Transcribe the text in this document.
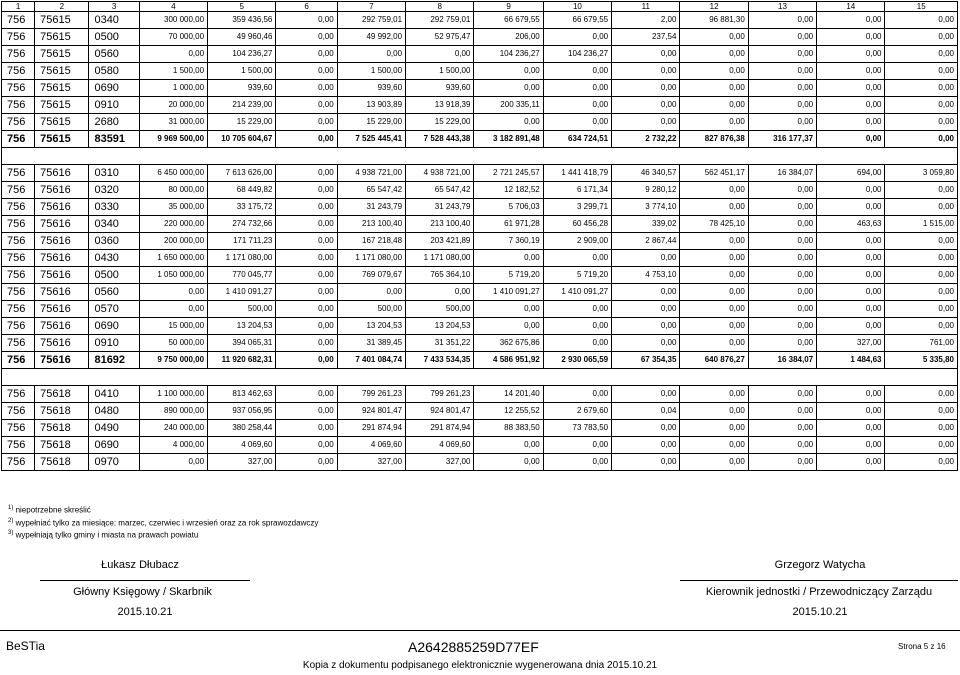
1	2	3	4	5	6	7	8	9	10	11	12	13	14	15
756	75615	0340	300 000,00	359 436,56	0,00	292 759,01	292 759,01	66 679,55	66 679,55	2,00	96 881,30	0,00	0,00	0,00
756	75615	0500	70 000,00	49 960,46	0,00	49 992,00	52 975,47	206,00	0,00	237,54	0,00	0,00	0,00	0,00
756	75615	0560	0,00	104 236,27	0,00	0,00	0,00	104 236,27	104 236,27	0,00	0,00	0,00	0,00	0,00
756	75615	0580	1 500,00	1 500,00	0,00	1 500,00	1 500,00	0,00	0,00	0,00	0,00	0,00	0,00	0,00
756	75615	0690	1 000,00	939,60	0,00	939,60	939,60	0,00	0,00	0,00	0,00	0,00	0,00	0,00
756	75615	0910	20 000,00	214 239,00	0,00	13 903,89	13 918,39	200 335,11	0,00	0,00	0,00	0,00	0,00	0,00
756	75615	2680	31 000,00	15 229,00	0,00	15 229,00	15 229,00	0,00	0,00	0,00	0,00	0,00	0,00	0,00
756	75615	83591	9 969 500,00	10 705 604,67	0,00	7 525 445,41	7 528 443,38	3 182 891,48	634 724,51	2 732,22	827 876,38	316 177,37	0,00	0,00

756	75616	0310	6 450 000,00	7 613 626,00	0,00	4 938 721,00	4 938 721,00	2 721 245,57	1 441 418,79	46 340,57	562 451,17	16 384,07	694,00	3 059,80
756	75616	0320	80 000,00	68 449,82	0,00	65 547,42	65 547,42	12 182,52	6 171,34	9 280,12	0,00	0,00	0,00	0,00
756	75616	0330	35 000,00	33 175,72	0,00	31 243,79	31 243,79	5 706,03	3 299,71	3 774,10	0,00	0,00	0,00	0,00
756	75616	0340	220 000,00	274 732,66	0,00	213 100,40	213 100,40	61 971,28	60 456,28	339,02	78 425,10	0,00	463,63	1 515,00
756	75616	0360	200 000,00	171 711,23	0,00	167 218,48	203 421,89	7 360,19	2 909,00	2 867,44	0,00	0,00	0,00	0,00
756	75616	0430	1 650 000,00	1 171 080,00	0,00	1 171 080,00	1 171 080,00	0,00	0,00	0,00	0,00	0,00	0,00	0,00
756	75616	0500	1 050 000,00	770 045,77	0,00	769 079,67	765 364,10	5 719,20	5 719,20	4 753,10	0,00	0,00	0,00	0,00
756	75616	0560	0,00	1 410 091,27	0,00	0,00	0,00	1 410 091,27	1 410 091,27	0,00	0,00	0,00	0,00	0,00
756	75616	0570	0,00	500,00	0,00	500,00	500,00	0,00	0,00	0,00	0,00	0,00	0,00	0,00
756	75616	0690	15 000,00	13 204,53	0,00	13 204,53	13 204,53	0,00	0,00	0,00	0,00	0,00	0,00	0,00
756	75616	0910	50 000,00	394 065,31	0,00	31 389,45	31 351,22	362 675,86	0,00	0,00	0,00	0,00	327,00	761,00
756	75616	81692	9 750 000,00	11 920 682,31	0,00	7 401 084,74	7 433 534,35	4 586 951,92	2 930 065,59	67 354,35	640 876,27	16 384,07	1 484,63	5 335,80

756	75618	0410	1 100 000,00	813 462,63	0,00	799 261,23	799 261,23	14 201,40	0,00	0,00	0,00	0,00	0,00	0,00
756	75618	0480	890 000,00	937 056,95	0,00	924 801,47	924 801,47	12 255,52	2 679,60	0,04	0,00	0,00	0,00	0,00
756	75618	0490	240 000,00	380 258,44	0,00	291 874,94	291 874,94	88 383,50	73 783,50	0,00	0,00	0,00	0,00	0,00
756	75618	0690	4 000,00	4 069,60	0,00	4 069,60	4 069,60	0,00	0,00	0,00	0,00	0,00	0,00	0,00
756	75618	0970	0,00	327,00	0,00	327,00	327,00	0,00	0,00	0,00	0,00	0,00	0,00	0,00
$^{1)}$ niepotrzebne skreślić
$^{2)}$ wypełniać tylko za miesiące: marzec, czerwiec i wrzesień oraz za rok sprawozdawczy
$^{3)}$ wypełniają tylko gminy i miasta na prawach powiatu
Łukasz Dłubacz
Główny Księgowy / Skarbnik
2015.10.21
Grzegorz Watycha
Kierownik jednostki / Przewodniczący Zarządu
2015.10.21
BeSTia	A2642885259D77EF	Strona 5 z 16
Kopia z dokumentu podpisanego elektronicznie wygenerowana dnia 2015.10.21
